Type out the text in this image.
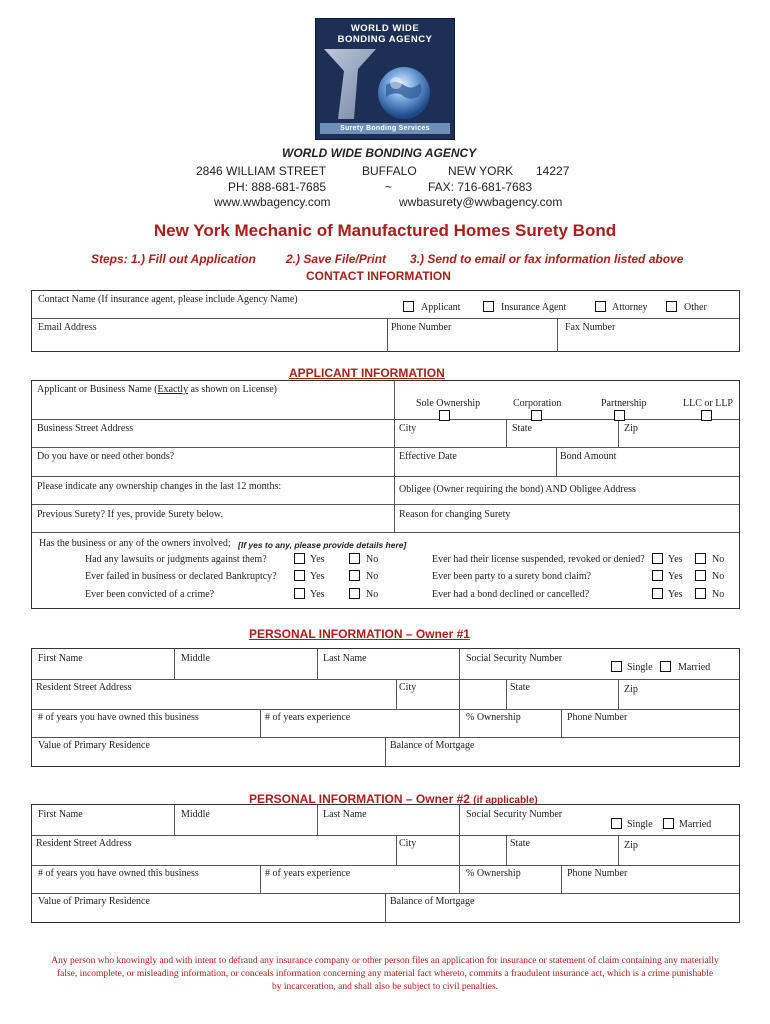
WORLD WIDE
BONDING AGENCY
Surety Bonding Services
WORLD WIDE BONDING AGENCY
2846 WILLIAM STREET	BUFFALO	NEW YORK 14227
PH: 888-681-7685	~	FAX: 716-681-7683
www.wwbagency.com	wwbasurety@wwbagency.com
New York Mechanic of Manufactured Homes Surety Bond
Steps: 1.) Fill out Application	2.) Save File/Print 3.) Send to email or fax information listed above
CONTACT INFORMATION
Contact Name (If insurance agent, please include Agency Name)
Applicant	Insurance Agent	Attorney	Other
Email Address	Phone Number	Fax Number
APPLICANT INFORMATION
Applicant or Business Name (Exactly as shown on License)
Sole Ownership	Corporation	Partnership	LLC or LLP
Business Street Address	City	State	Zip
Do you have or need other bonds?	Effective Date	Bond Amount
Please indicate any ownership changes in the last 12 months:	Obligee (Owner requiring the bond) AND Obligee Address
Previous Surety? If yes, provide Surety below.	Reason for changing Surety
Has the business or any of the owners involved; [If yes to any, please provide details here]
Had any lawsuits or judgments against them?	Yes	No
Ever failed in business or declared Bankruptcy?	Yes	No
Ever been convicted of a crime?	Yes	No
Ever had their license suspended, revoked or denied? Yes	No
Ever been party to a surety bond claim?	Yes	No
Ever had a bond declined or cancelled?	Yes	No
PERSONAL INFORMATION – Owner #1
First Name	Middle	Last Name	Social Security Number
Single	Married
Resident Street Address	City	State	Zip
# of years you have owned this business	# of years experience	% Ownership	Phone Number
Value of Primary Residence	Balance of Mortgage
PERSONAL INFORMATION – Owner #2 (if applicable)
First Name	Middle	Last Name	Social Security Number
Single	Married
Resident Street Address	City	State	Zip
# of years you have owned this business	# of years experience	% Ownership	Phone Number
Value of Primary Residence	Balance of Mortgage
Any person who knowingly and with intent to defraud any insurance company or other person files an application for insurance or statement of claim containing any materially
false, incomplete, or misleading information, or conceals information concerning any material fact whereto, commits a fraudulent insurance act, which is a crime punishable
by incarceration, and shall also be subject to civil penalties.
